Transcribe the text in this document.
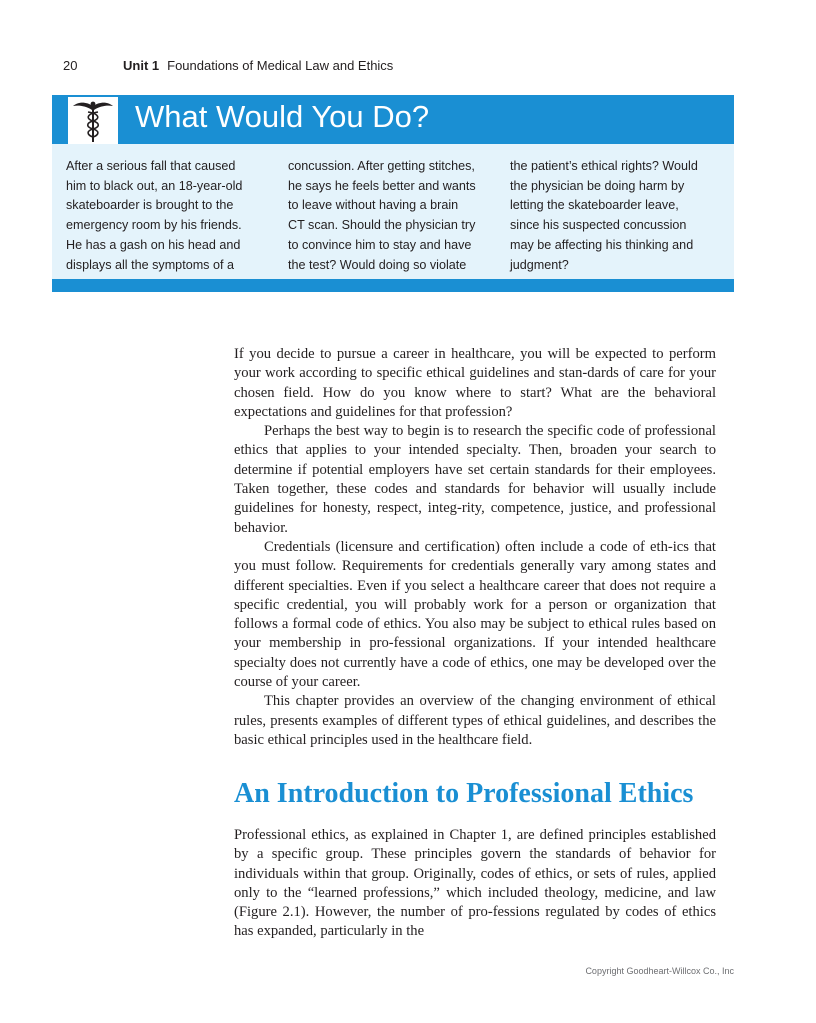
20	Unit 1 Foundations of Medical Law and Ethics
What Would You Do?
After a serious fall that caused
him to black out, an 18-year-old
skateboarder is brought to the
emergency room by his friends.
He has a gash on his head and
displays all the symptoms of a
concussion. After getting stitches,
he says he feels better and wants
to leave without having a brain
CT scan. Should the physician try
to convince him to stay and have
the test? Would doing so violate
the patient’s ethical rights? Would
the physician be doing harm by
letting the skateboarder leave,
since his suspected concussion
may be affecting his thinking and
judgment?

If you decide to pursue a career in healthcare, you will be expected to perform your work according to specific ethical guidelines and stan-dards of care for your chosen field. How do you know where to start? What are the behavioral expectations and guidelines for that profession?

Perhaps the best way to begin is to research the specific code of professional ethics that applies to your intended specialty. Then, broaden your search to determine if potential employers have set certain standards for their employees. Taken together, these codes and standards for behavior will usually include guidelines for honesty, respect, integ-rity, competence, justice, and professional behavior.

Credentials (licensure and certification) often include a code of eth-ics that you must follow. Requirements for credentials generally vary among states and different specialties. Even if you select a healthcare career that does not require a specific credential, you will probably work for a person or organization that follows a formal code of ethics. You also may be subject to ethical rules based on your membership in pro-fessional organizations. If your intended healthcare specialty does not currently have a code of ethics, one may be developed over the course of your career.

This chapter provides an overview of the changing environment of ethical rules, presents examples of different types of ethical guidelines, and describes the basic ethical principles used in the healthcare field.

An Introduction to Professional Ethics

Professional ethics, as explained in Chapter 1, are defined principles established by a specific group. These principles govern the standards of behavior for individuals within that group. Originally, codes of ethics, or sets of rules, applied only to the “learned professions,” which included theology, medicine, and law (Figure 2.1). However, the number of pro-fessions regulated by codes of ethics has expanded, particularly in the

Copyright Goodheart-Willcox Co., Inc
